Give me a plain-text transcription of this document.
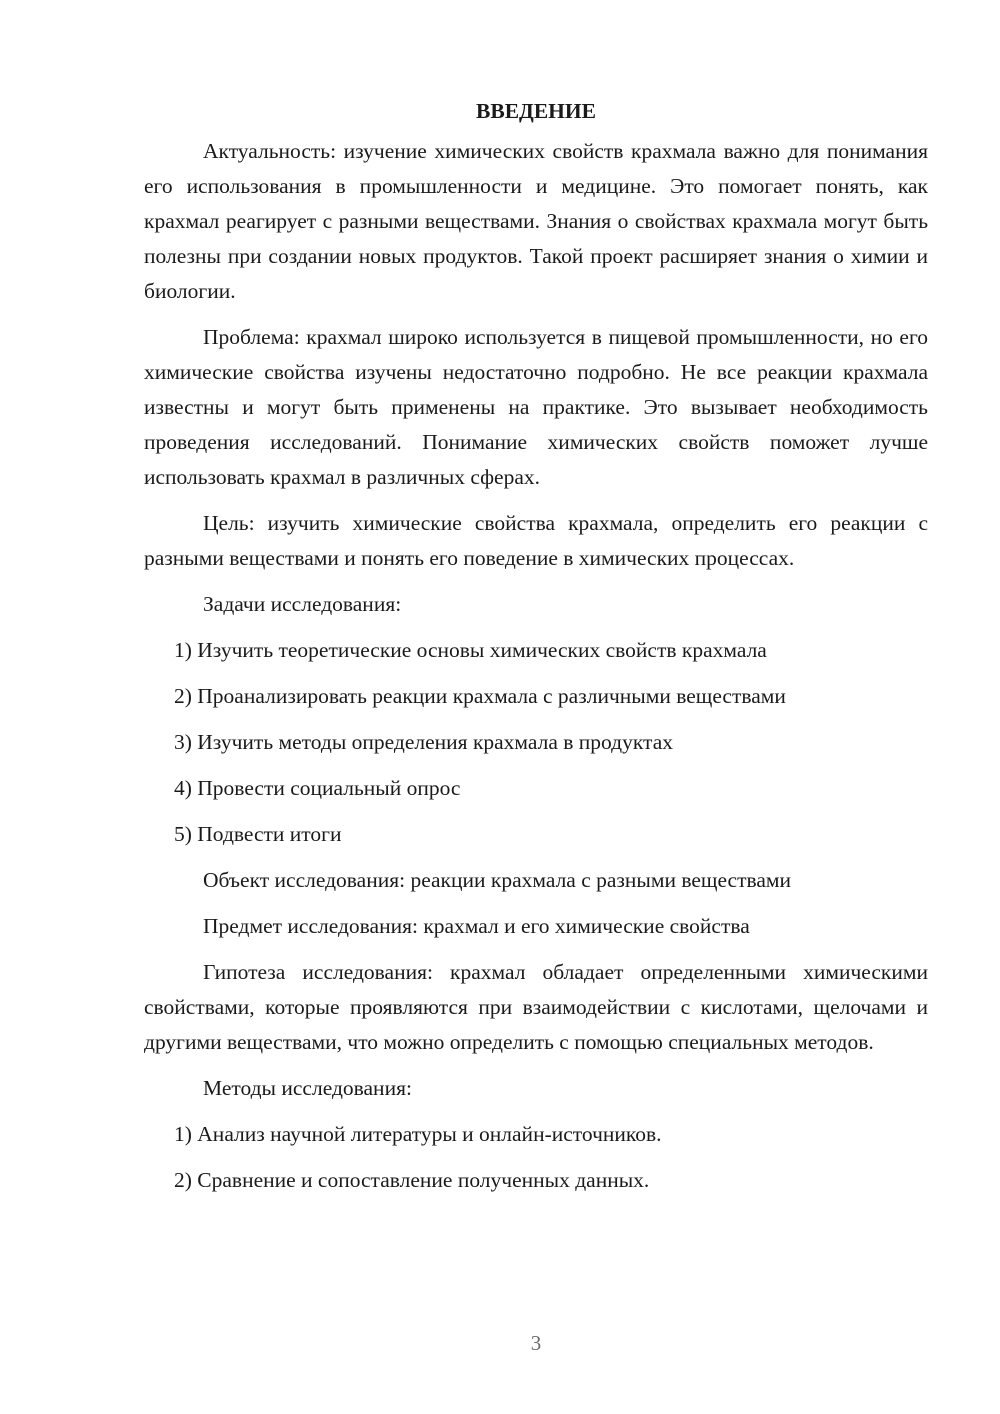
ВВЕДЕНИЕ

Актуальность: изучение химических свойств крахмала важно для понимания его использования в промышленности и медицине. Это помогает понять, как крахмал реагирует с разными веществами. Знания о свойствах крахмала могут быть полезны при создании новых продуктов. Такой проект расширяет знания о химии и биологии.

Проблема: крахмал широко используется в пищевой промышленности, но его химические свойства изучены недостаточно подробно. Не все реакции крахмала известны и могут быть применены на практике. Это вызывает необходимость проведения исследований. Понимание химических свойств поможет лучше использовать крахмал в различных сферах.

Цель: изучить химические свойства крахмала, определить его реакции с разными веществами и понять его поведение в химических процессах.

Задачи исследования:
1) Изучить теоретические основы химических свойств крахмала
2) Проанализировать реакции крахмала с различными веществами
3) Изучить методы определения крахмала в продуктах
4) Провести социальный опрос
5) Подвести итоги
Объект исследования: реакции крахмала с разными веществами
Предмет исследования: крахмал и его химические свойства

Гипотеза исследования: крахмал обладает определенными химическими свойствами, которые проявляются при взаимодействии с кислотами, щелочами и другими веществами, что можно определить с помощью специальных методов.

Методы исследования:
1) Анализ научной литературы и онлайн-источников.
2) Сравнение и сопоставление полученных данных.
3
